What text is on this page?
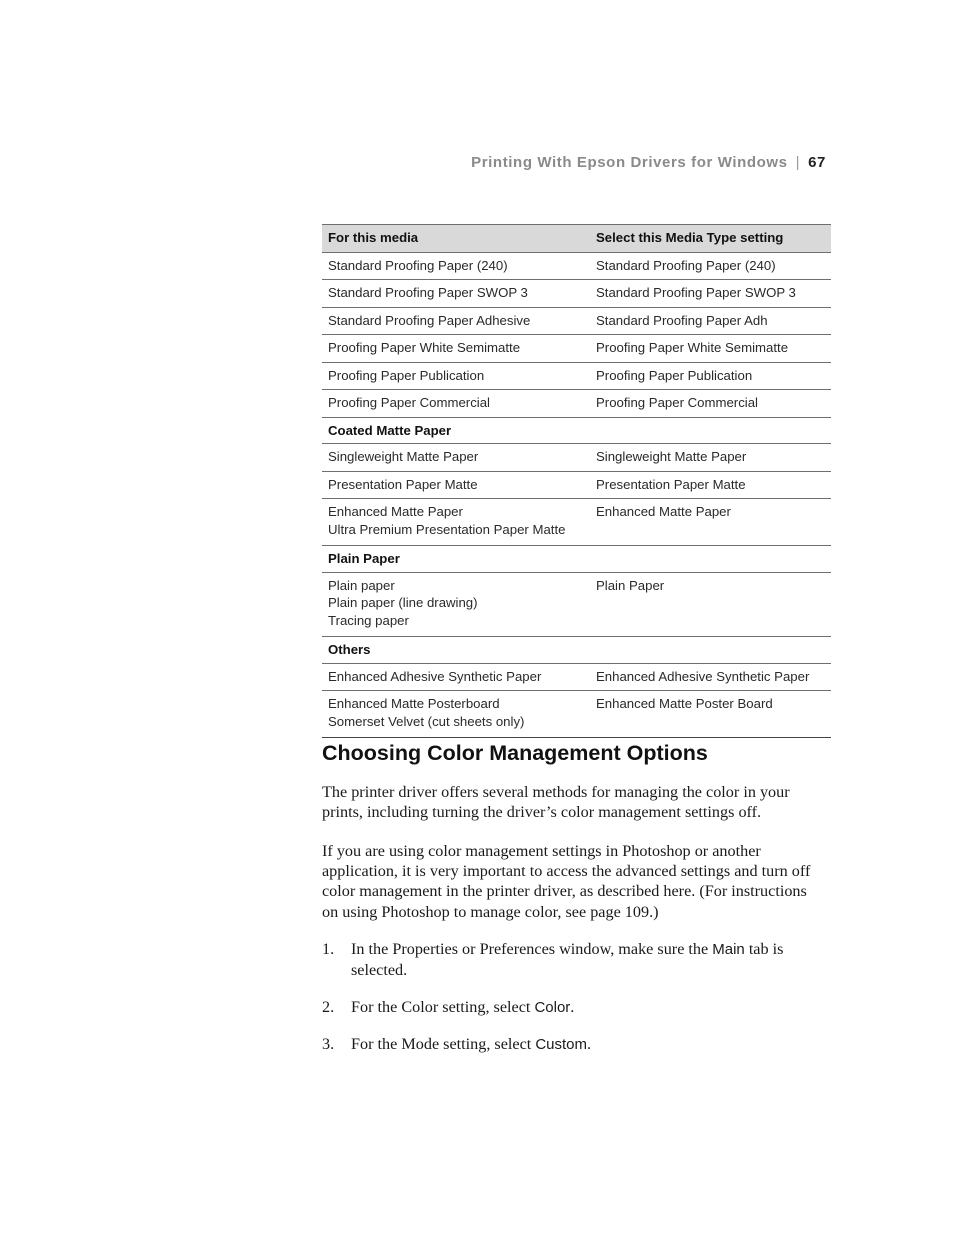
Printing With Epson Drivers for Windows | 67
For this media	Select this Media Type setting

Standard Proofing Paper (240)	Standard Proofing Paper (240)

Standard Proofing Paper SWOP 3	Standard Proofing Paper SWOP 3

Standard Proofing Paper Adhesive	Standard Proofing Paper Adh

Proofing Paper White Semimatte	Proofing Paper White Semimatte

Proofing Paper Publication	Proofing Paper Publication

Proofing Paper Commercial	Proofing Paper Commercial
Coated Matte Paper	

Singleweight Matte Paper	Singleweight Matte Paper

Presentation Paper Matte	Presentation Paper Matte

Enhanced Matte Paper
Ultra Premium Presentation Paper Matte	Enhanced Matte Paper
Plain Paper	

Plain paper
Plain paper (line drawing)
Tracing paper	Plain Paper
Others	

Enhanced Adhesive Synthetic Paper	Enhanced Adhesive Synthetic Paper

Enhanced Matte Posterboard
Somerset Velvet (cut sheets only)	Enhanced Matte Poster Board
Choosing Color Management Options

The printer driver offers several methods for managing the color in your prints, including turning the driver’s color management settings off.

If you are using color management settings in Photoshop or another application, it is very important to access the advanced settings and turn off color management in the printer driver, as described here. (For instructions on using Photoshop to manage color, see page 109.)

1. In the Properties or Preferences window, make sure the Main tab is selected.
2. For the Color setting, select Color.
3. For the Mode setting, select Custom.
